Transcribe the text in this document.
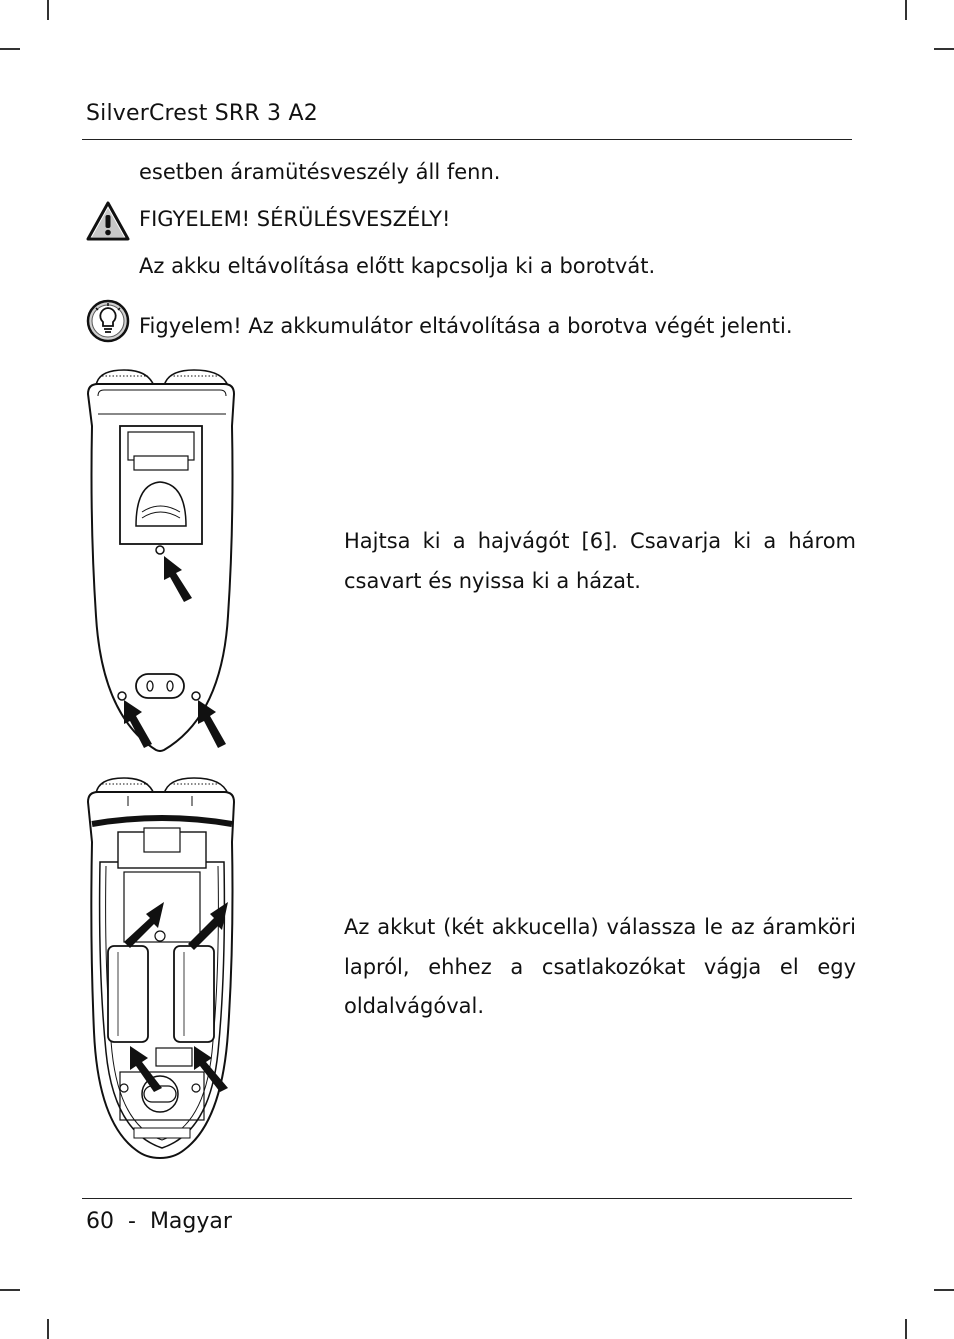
SilverCrest SRR 3 A2
esetben áramütésveszély áll fenn.
FIGYELEM! SÉRÜLÉSVESZÉLY!
Az akku eltávolítása előtt kapcsolja ki a borotvát.
Figyelem! Az akkumulátor eltávolítása a borotva végét jelenti.
Hajtsa ki a hajvágót [6]. Csavarja ki a három csavart és nyissa ki a házat.
Az akkut (két akkucella) válassza le az áramköri lapról, ehhez a csatlakozókat vágja el egy oldalvágóval.
60 - Magyar
